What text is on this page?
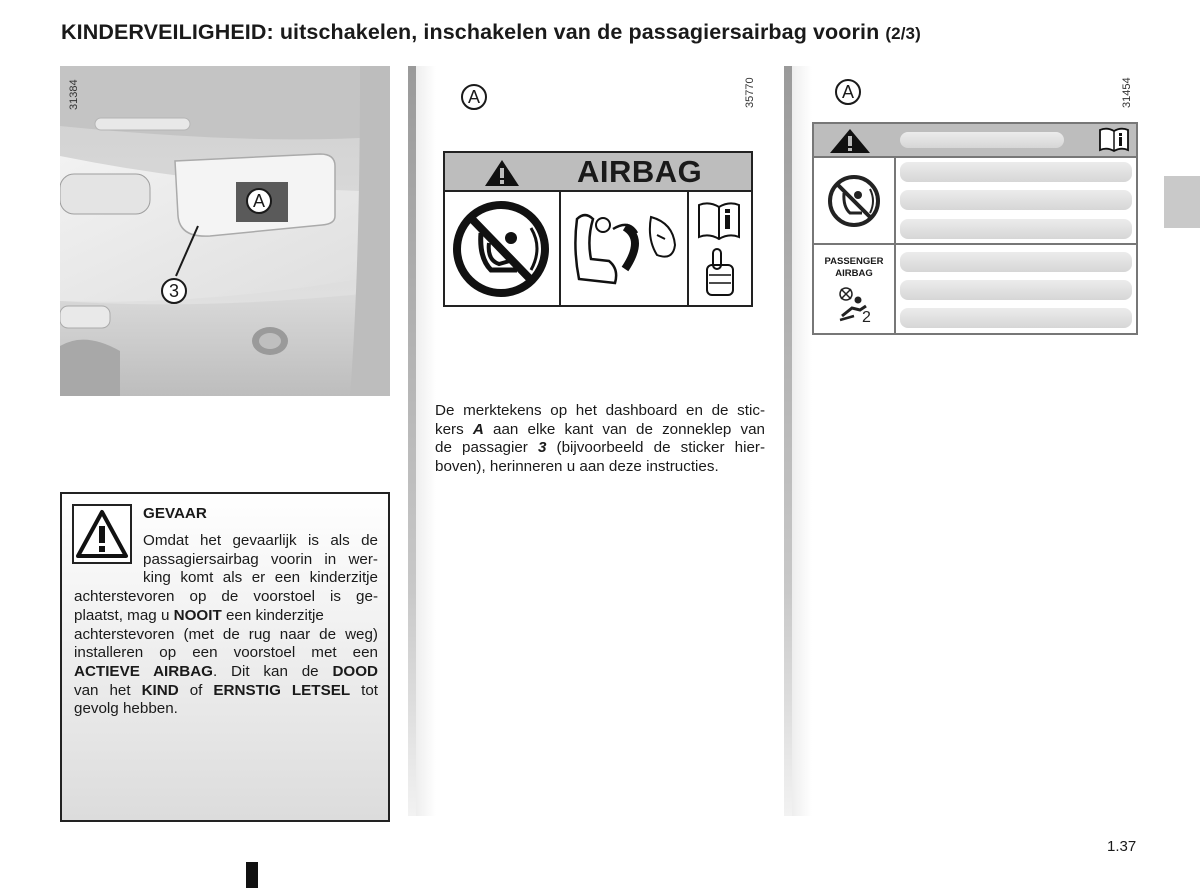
KINDERVEILIGHEID: uitschakelen, inschakelen van de passagiersairbag voorin (2/3)
A
3
31384
GEVAAR
Omdat het gevaarlijk is als de
passagiersairbag voorin in wer-
king komt als er een kinderzitje
achterstevoren op de voorstoel is ge-
plaatst, mag u NOOIT een kinderzitje
achterstevoren (met de rug naar de weg)
installeren op een voorstoel met een
ACTIEVE AIRBAG. Dit kan de DOOD
van het KIND of ERNSTIG LETSEL tot
gevolg hebben.
A	35770
AIRBAG
De merktekens op het dashboard en de stic-
kers A aan elke kant van de zonneklep van
de passagier 3 (bijvoorbeeld de sticker hier-
boven), herinneren u aan deze instructies.
A	31454
PASSENGER
AIRBAG
2
1.37
